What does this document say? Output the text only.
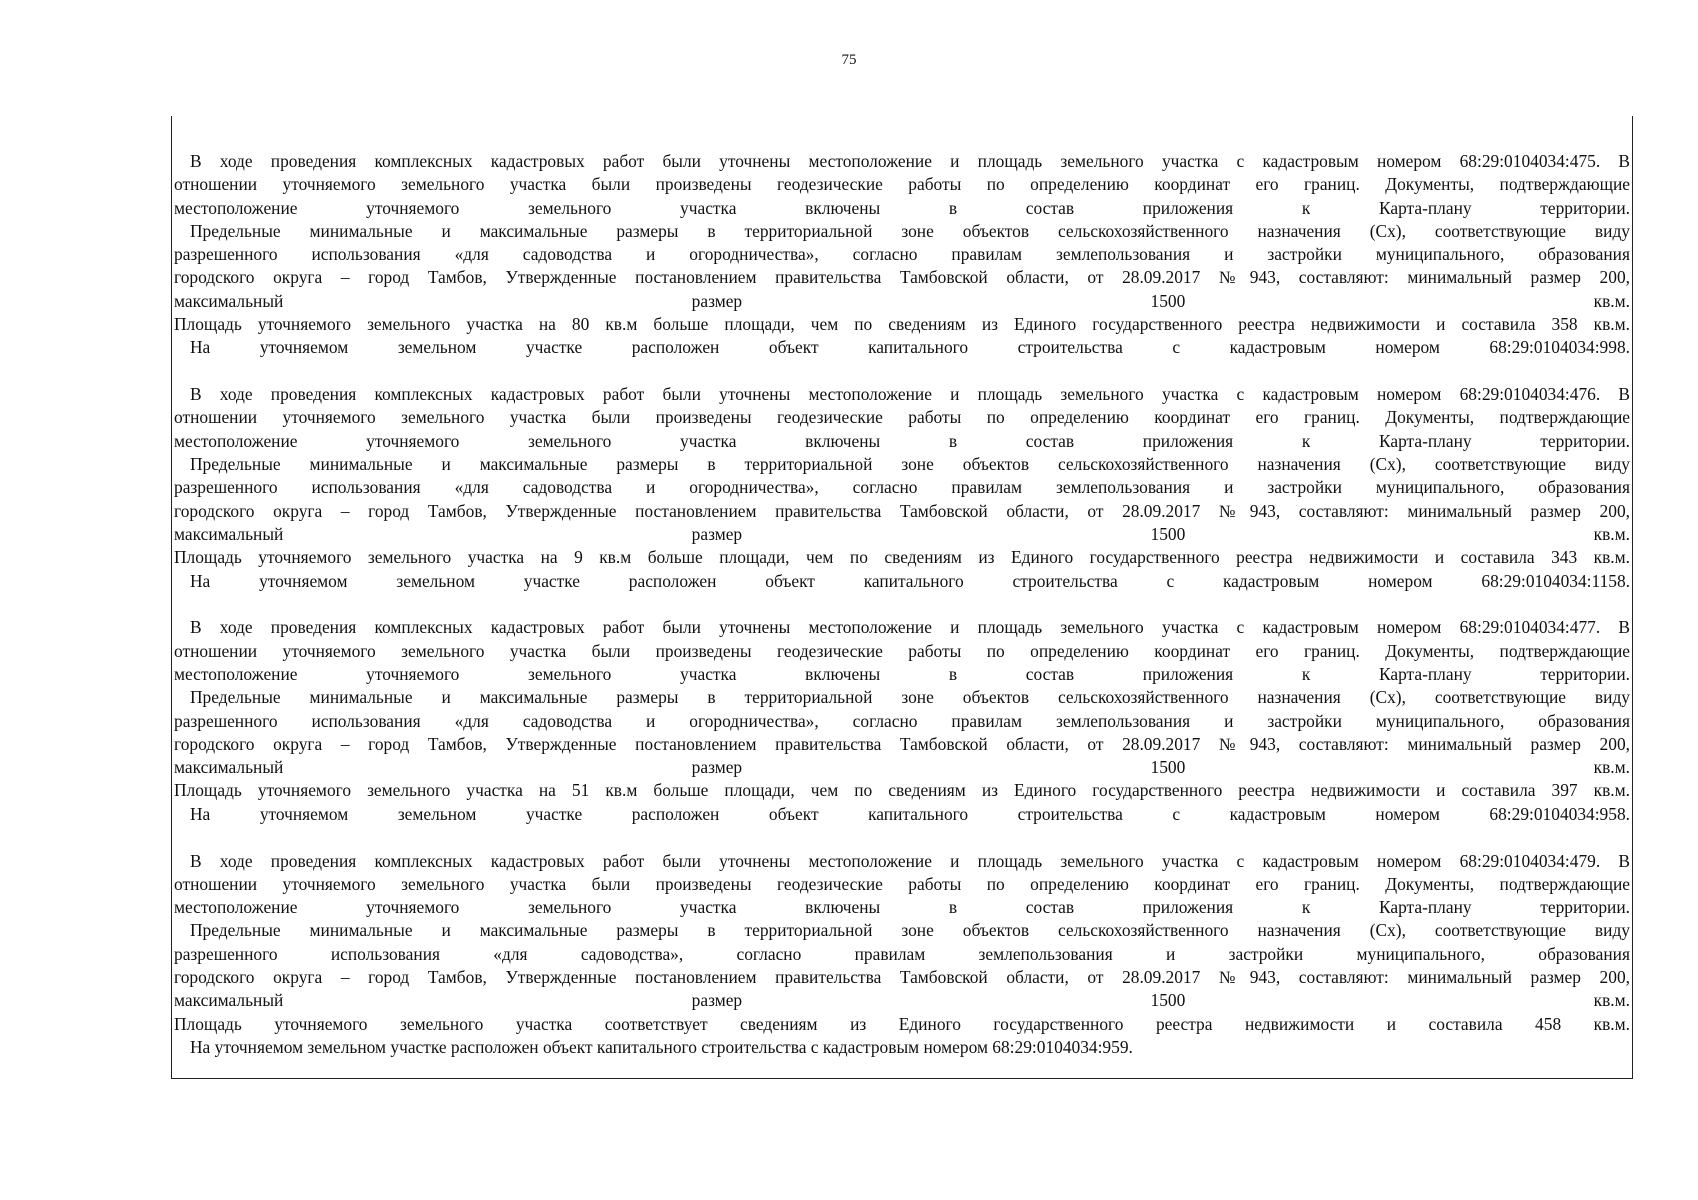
75
В ходе проведения комплексных кадастровых работ были уточнены местоположение и площадь земельного участка с кадастровым номером 68:29:0104034:475. В
отношении уточняемого земельного участка были произведены геодезические работы по определению координат его границ. Документы, подтверждающие
местоположение уточняемого земельного участка включены в состав приложения к Карта-плану территории.
Предельные минимальные и максимальные размеры в территориальной зоне объектов сельскохозяйственного назначения (Сх), соответствующие виду
разрешенного использования «для садоводства и огородничества», согласно правилам землепользования и застройки муниципального, образования
городского округа – город Тамбов, Утвержденные постановлением правительства Тамбовской области, от 28.09.2017 №943, составляют: минимальный размер 200,
максимальный размер 1500 кв.м.
Площадь уточняемого земельного участка на 80 кв.м больше площади, чем по сведениям из Единого государственного реестра недвижимости и составила 358 кв.м.
На уточняемом земельном участке расположен объект капитального строительства с кадастровым номером 68:29:0104034:998.
В ходе проведения комплексных кадастровых работ были уточнены местоположение и площадь земельного участка с кадастровым номером 68:29:0104034:476. В
отношении уточняемого земельного участка были произведены геодезические работы по определению координат его границ. Документы, подтверждающие
местоположение уточняемого земельного участка включены в состав приложения к Карта-плану территории.
Предельные минимальные и максимальные размеры в территориальной зоне объектов сельскохозяйственного назначения (Сх), соответствующие виду
разрешенного использования «для садоводства и огородничества», согласно правилам землепользования и застройки муниципального, образования
городского округа – город Тамбов, Утвержденные постановлением правительства Тамбовской области, от 28.09.2017 №943, составляют: минимальный размер 200,
максимальный размер 1500 кв.м.
Площадь уточняемого земельного участка на 9 кв.м больше площади, чем по сведениям из Единого государственного реестра недвижимости и составила 343 кв.м.
На уточняемом земельном участке расположен объект капитального строительства с кадастровым номером 68:29:0104034:1158.
В ходе проведения комплексных кадастровых работ были уточнены местоположение и площадь земельного участка с кадастровым номером 68:29:0104034:477. В
отношении уточняемого земельного участка были произведены геодезические работы по определению координат его границ. Документы, подтверждающие
местоположение уточняемого земельного участка включены в состав приложения к Карта-плану территории.
Предельные минимальные и максимальные размеры в территориальной зоне объектов сельскохозяйственного назначения (Сх), соответствующие виду
разрешенного использования «для садоводства и огородничества», согласно правилам землепользования и застройки муниципального, образования
городского округа – город Тамбов, Утвержденные постановлением правительства Тамбовской области, от 28.09.2017 №943, составляют: минимальный размер 200,
максимальный размер 1500 кв.м.
Площадь уточняемого земельного участка на 51 кв.м больше площади, чем по сведениям из Единого государственного реестра недвижимости и составила 397 кв.м.
На уточняемом земельном участке расположен объект капитального строительства с кадастровым номером 68:29:0104034:958.
В ходе проведения комплексных кадастровых работ были уточнены местоположение и площадь земельного участка с кадастровым номером 68:29:0104034:479. В
отношении уточняемого земельного участка были произведены геодезические работы по определению координат его границ. Документы, подтверждающие
местоположение уточняемого земельного участка включены в состав приложения к Карта-плану территории.
Предельные минимальные и максимальные размеры в территориальной зоне объектов сельскохозяйственного назначения (Сх), соответствующие виду
разрешенного использования «для садоводства», согласно правилам землепользования и застройки муниципального, образования
городского округа – город Тамбов, Утвержденные постановлением правительства Тамбовской области, от 28.09.2017 №943, составляют: минимальный размер 200,
максимальный размер 1500 кв.м.
Площадь уточняемого земельного участка соответствует сведениям из Единого государственного реестра недвижимости и составила 458 кв.м.
На уточняемом земельном участке расположен объект капитального строительства с кадастровым номером 68:29:0104034:959.
